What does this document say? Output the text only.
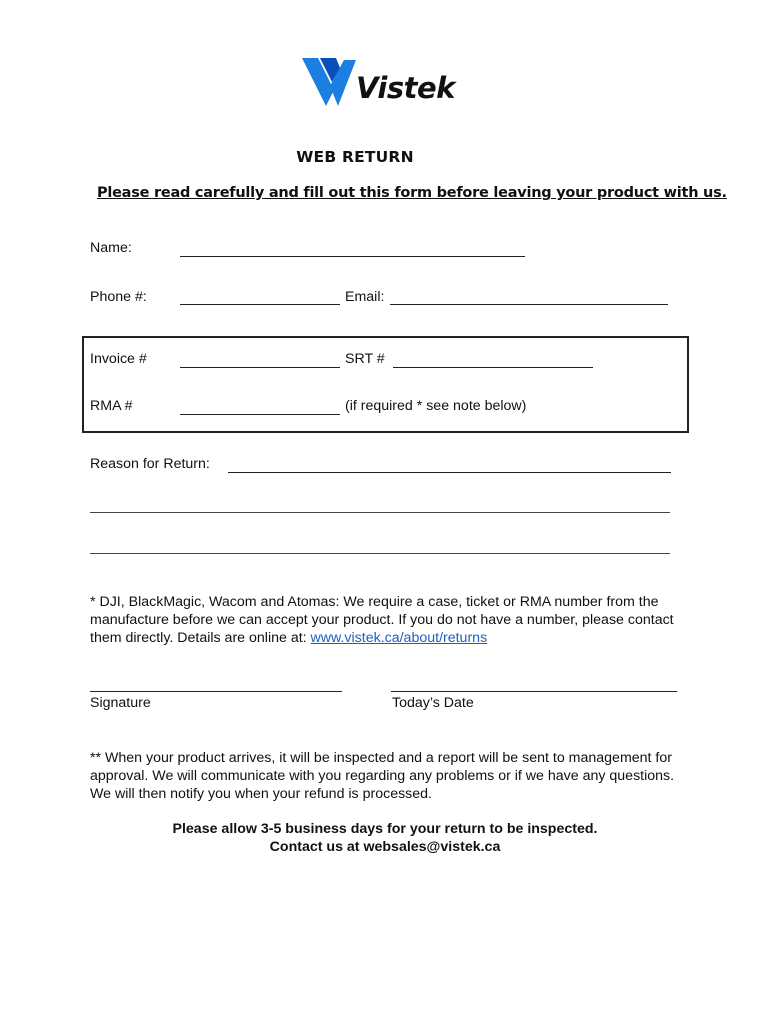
Vistek
WEB RETURN
Please read carefully and fill out this form before leaving your product with us.
Name:
Phone #:	Email:
Invoice #	SRT #
RMA #	(if required * see note below)
Reason for Return:
* DJI, BlackMagic, Wacom and Atomas: We require a case, ticket or RMA number from the manufacture before we can accept your product. If you do not have a number, please contact them directly. Details are online at: www.vistek.ca/about/returns
Signature	Today’s Date
** When your product arrives, it will be inspected and a report will be sent to management for approval. We will communicate with you regarding any problems or if we have any questions. We will then notify you when your refund is processed.
Please allow 3-5 business days for your return to be inspected.
Contact us at websales@vistek.ca
